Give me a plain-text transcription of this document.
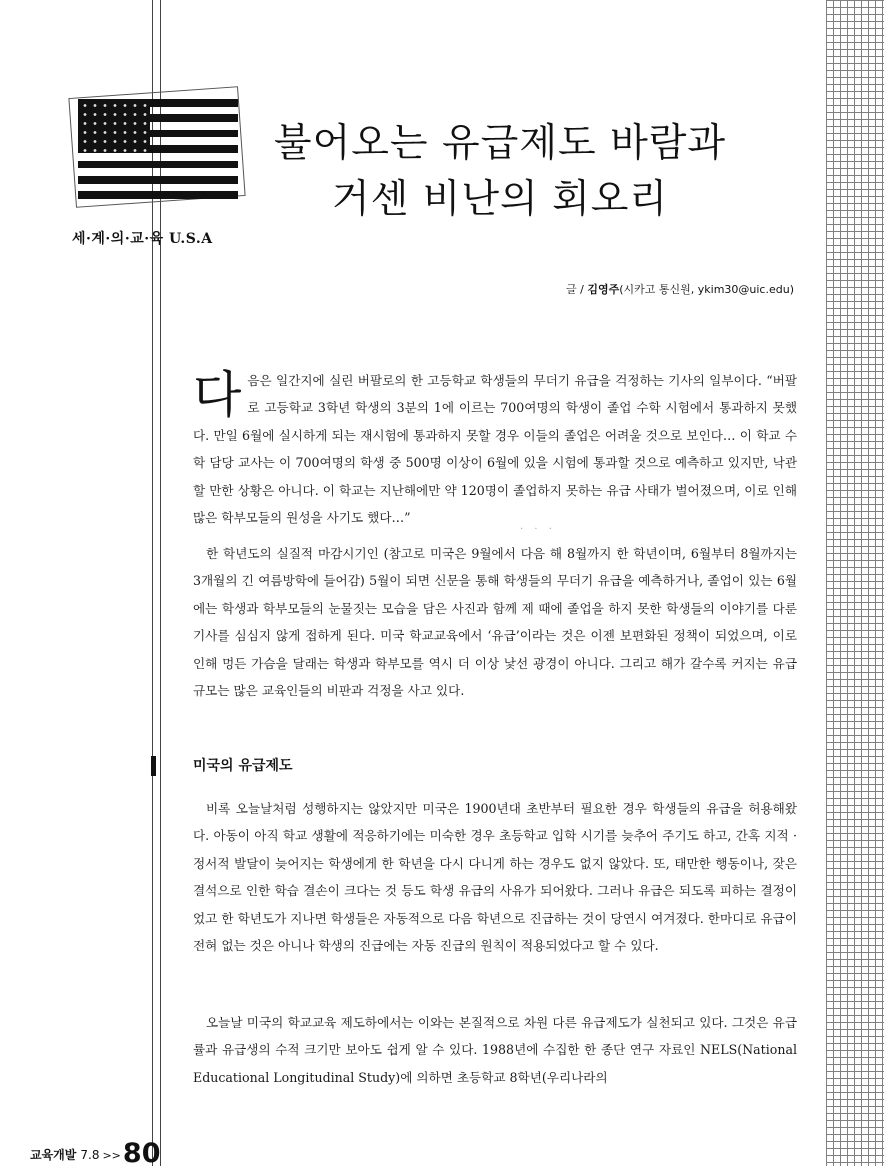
세·계·의·교·육 U.S.A
불어오는 유급제도 바람과
거센 비난의 회오리
글 / 김영주(시카고 통신원, ykim30@uic.edu)

다음은 일간지에 실린 버팔로의 한 고등학교 학생들의 무더기 유급을 걱정하는 기사의 일부이다. “버팔로 고등학교 3학년 학생의 3분의 1에 이르는 700여명의 학생이 졸업 수학 시험에서 통과하지 못했다. 만일 6월에 실시하게 되는 재시험에 통과하지 못할 경우 이들의 졸업은 어려울 것으로 보인다… 이 학교 수학 담당 교사는 이 700여명의 학생 중 500명 이상이 6월에 있을 시험에 통과할 것으로 예측하고 있지만, 낙관할 만한 상황은 아니다. 이 학교는 지난해에만 약 120명이 졸업하지 못하는 유급 사태가 벌어졌으며, 이로 인해 많은 학부모들의 원성을 사기도 했다…”

· · ·

한 학년도의 실질적 마감시기인 (참고로 미국은 9월에서 다음 해 8월까지 한 학년이며, 6월부터 8월까지는 3개월의 긴 여름방학에 들어감) 5월이 되면 신문을 통해 학생들의 무더기 유급을 예측하거나, 졸업이 있는 6월에는 학생과 학부모들의 눈물짓는 모습을 담은 사진과 함께 제 때에 졸업을 하지 못한 학생들의 이야기를 다룬 기사를 심심지 않게 접하게 된다. 미국 학교교육에서 ‘유급’이라는 것은 이젠 보편화된 정책이 되었으며, 이로 인해 멍든 가슴을 달래는 학생과 학부모를 역시 더 이상 낯선 광경이 아니다. 그리고 해가 갈수록 커지는 유급 규모는 많은 교육인들의 비판과 걱정을 사고 있다.

미국의 유급제도

비록 오늘날처럼 성행하지는 않았지만 미국은 1900년대 초반부터 필요한 경우 학생들의 유급을 허용해왔다. 아동이 아직 학교 생활에 적응하기에는 미숙한 경우 초등학교 입학 시기를 늦추어 주기도 하고, 간혹 지적 · 정서적 발달이 늦어지는 학생에게 한 학년을 다시 다니게 하는 경우도 없지 않았다. 또, 태만한 행동이나, 잦은 결석으로 인한 학습 결손이 크다는 것 등도 학생 유급의 사유가 되어왔다. 그러나 유급은 되도록 피하는 결정이었고 한 학년도가 지나면 학생들은 자동적으로 다음 학년으로 진급하는 것이 당연시 여겨졌다. 한마디로 유급이 전혀 없는 것은 아니나 학생의 진급에는 자동 진급의 원칙이 적용되었다고 할 수 있다.

오늘날 미국의 학교교육 제도하에서는 이와는 본질적으로 차원 다른 유급제도가 실천되고 있다. 그것은 유급률과 유급생의 수적 크기만 보아도 쉽게 알 수 있다. 1988년에 수집한 한 종단 연구 자료인 NELS(National Educational Longitudinal Study)에 의하면 초등학교 8학년(우리나라의

교육개발 7.8 >>80
